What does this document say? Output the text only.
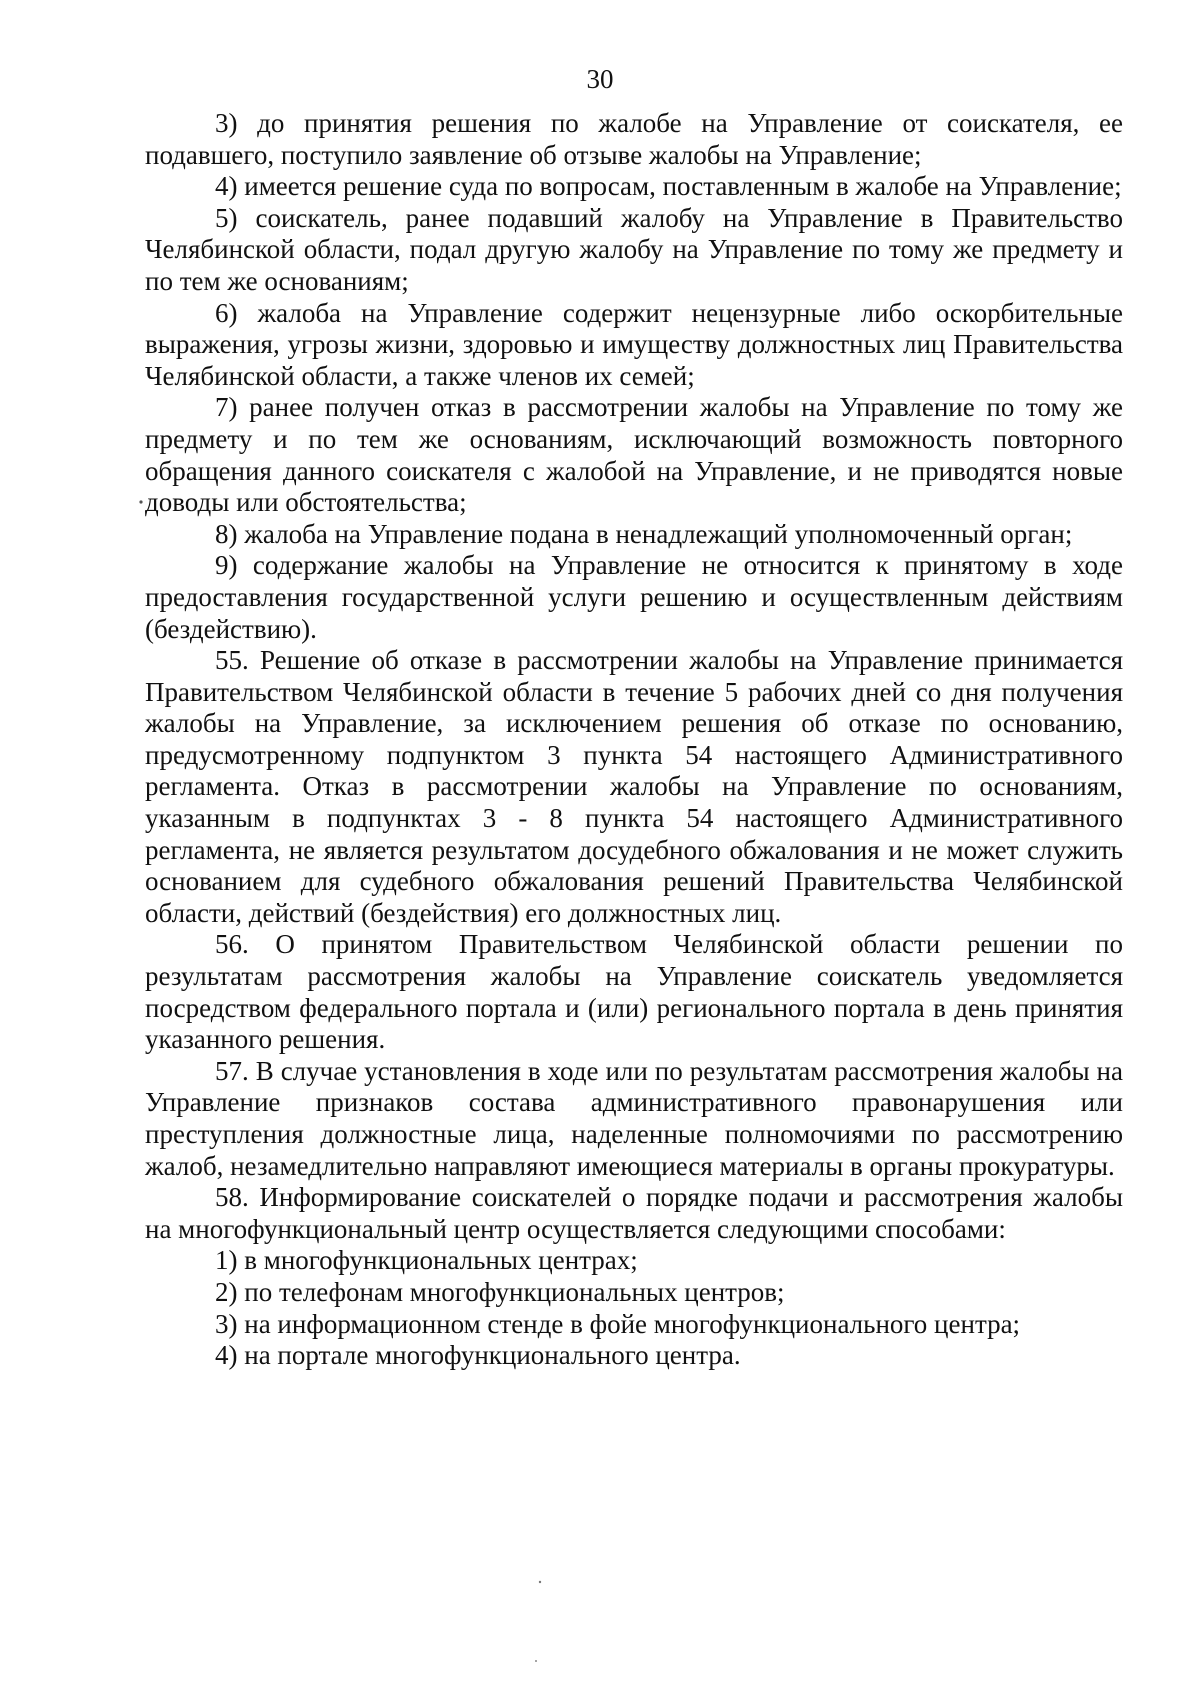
30

3) до принятия решения по жалобе на Управление от соискателя, ее подавшего, поступило заявление об отзыве жалобы на Управление;

4) имеется решение суда по вопросам, поставленным в жалобе на Управление;

5) соискатель, ранее подавший жалобу на Управление в Правительство Челябинской области, подал другую жалобу на Управление по тому же предмету и по тем же основаниям;

6) жалоба на Управление содержит нецензурные либо оскорбительные выражения, угрозы жизни, здоровью и имуществу должностных лиц Правительства Челябинской области, а также членов их семей;

7) ранее получен отказ в рассмотрении жалобы на Управление по тому же предмету и по тем же основаниям, исключающий возможность повторного обращения данного соискателя с жалобой на Управление, и не приводятся новые доводы или обстоятельства;

8) жалоба на Управление подана в ненадлежащий уполномоченный орган;

9) содержание жалобы на Управление не относится к принятому в ходе предоставления государственной услуги решению и осуществленным действиям (бездействию).

55. Решение об отказе в рассмотрении жалобы на Управление принимается Правительством Челябинской области в течение 5 рабочих дней со дня получения жалобы на Управление, за исключением решения об отказе по основанию, предусмотренному подпунктом 3 пункта 54 настоящего Административного регламента. Отказ в рассмотрении жалобы на Управление по основаниям, указанным в подпунктах 3 - 8 пункта 54 настоящего Административного регламента, не является результатом досудебного обжалования и не может служить основанием для судебного обжалования решений Правительства Челябинской области, действий (бездействия) его должностных лиц.

56. О принятом Правительством Челябинской области решении по результатам рассмотрения жалобы на Управление соискатель уведомляется посредством федерального портала и (или) регионального портала в день принятия указанного решения.

57. В случае установления в ходе или по результатам рассмотрения жалобы на Управление признаков состава административного правонарушения или преступления должностные лица, наделенные полномочиями по рассмотрению жалоб, незамедлительно направляют имеющиеся материалы в органы прокуратуры.

58. Информирование соискателей о порядке подачи и рассмотрения жалобы на многофункциональный центр осуществляется следующими способами:

1) в многофункциональных центрах;

2) по телефонам многофункциональных центров;

3) на информационном стенде в фойе многофункционального центра;

4) на портале многофункционального центра.
